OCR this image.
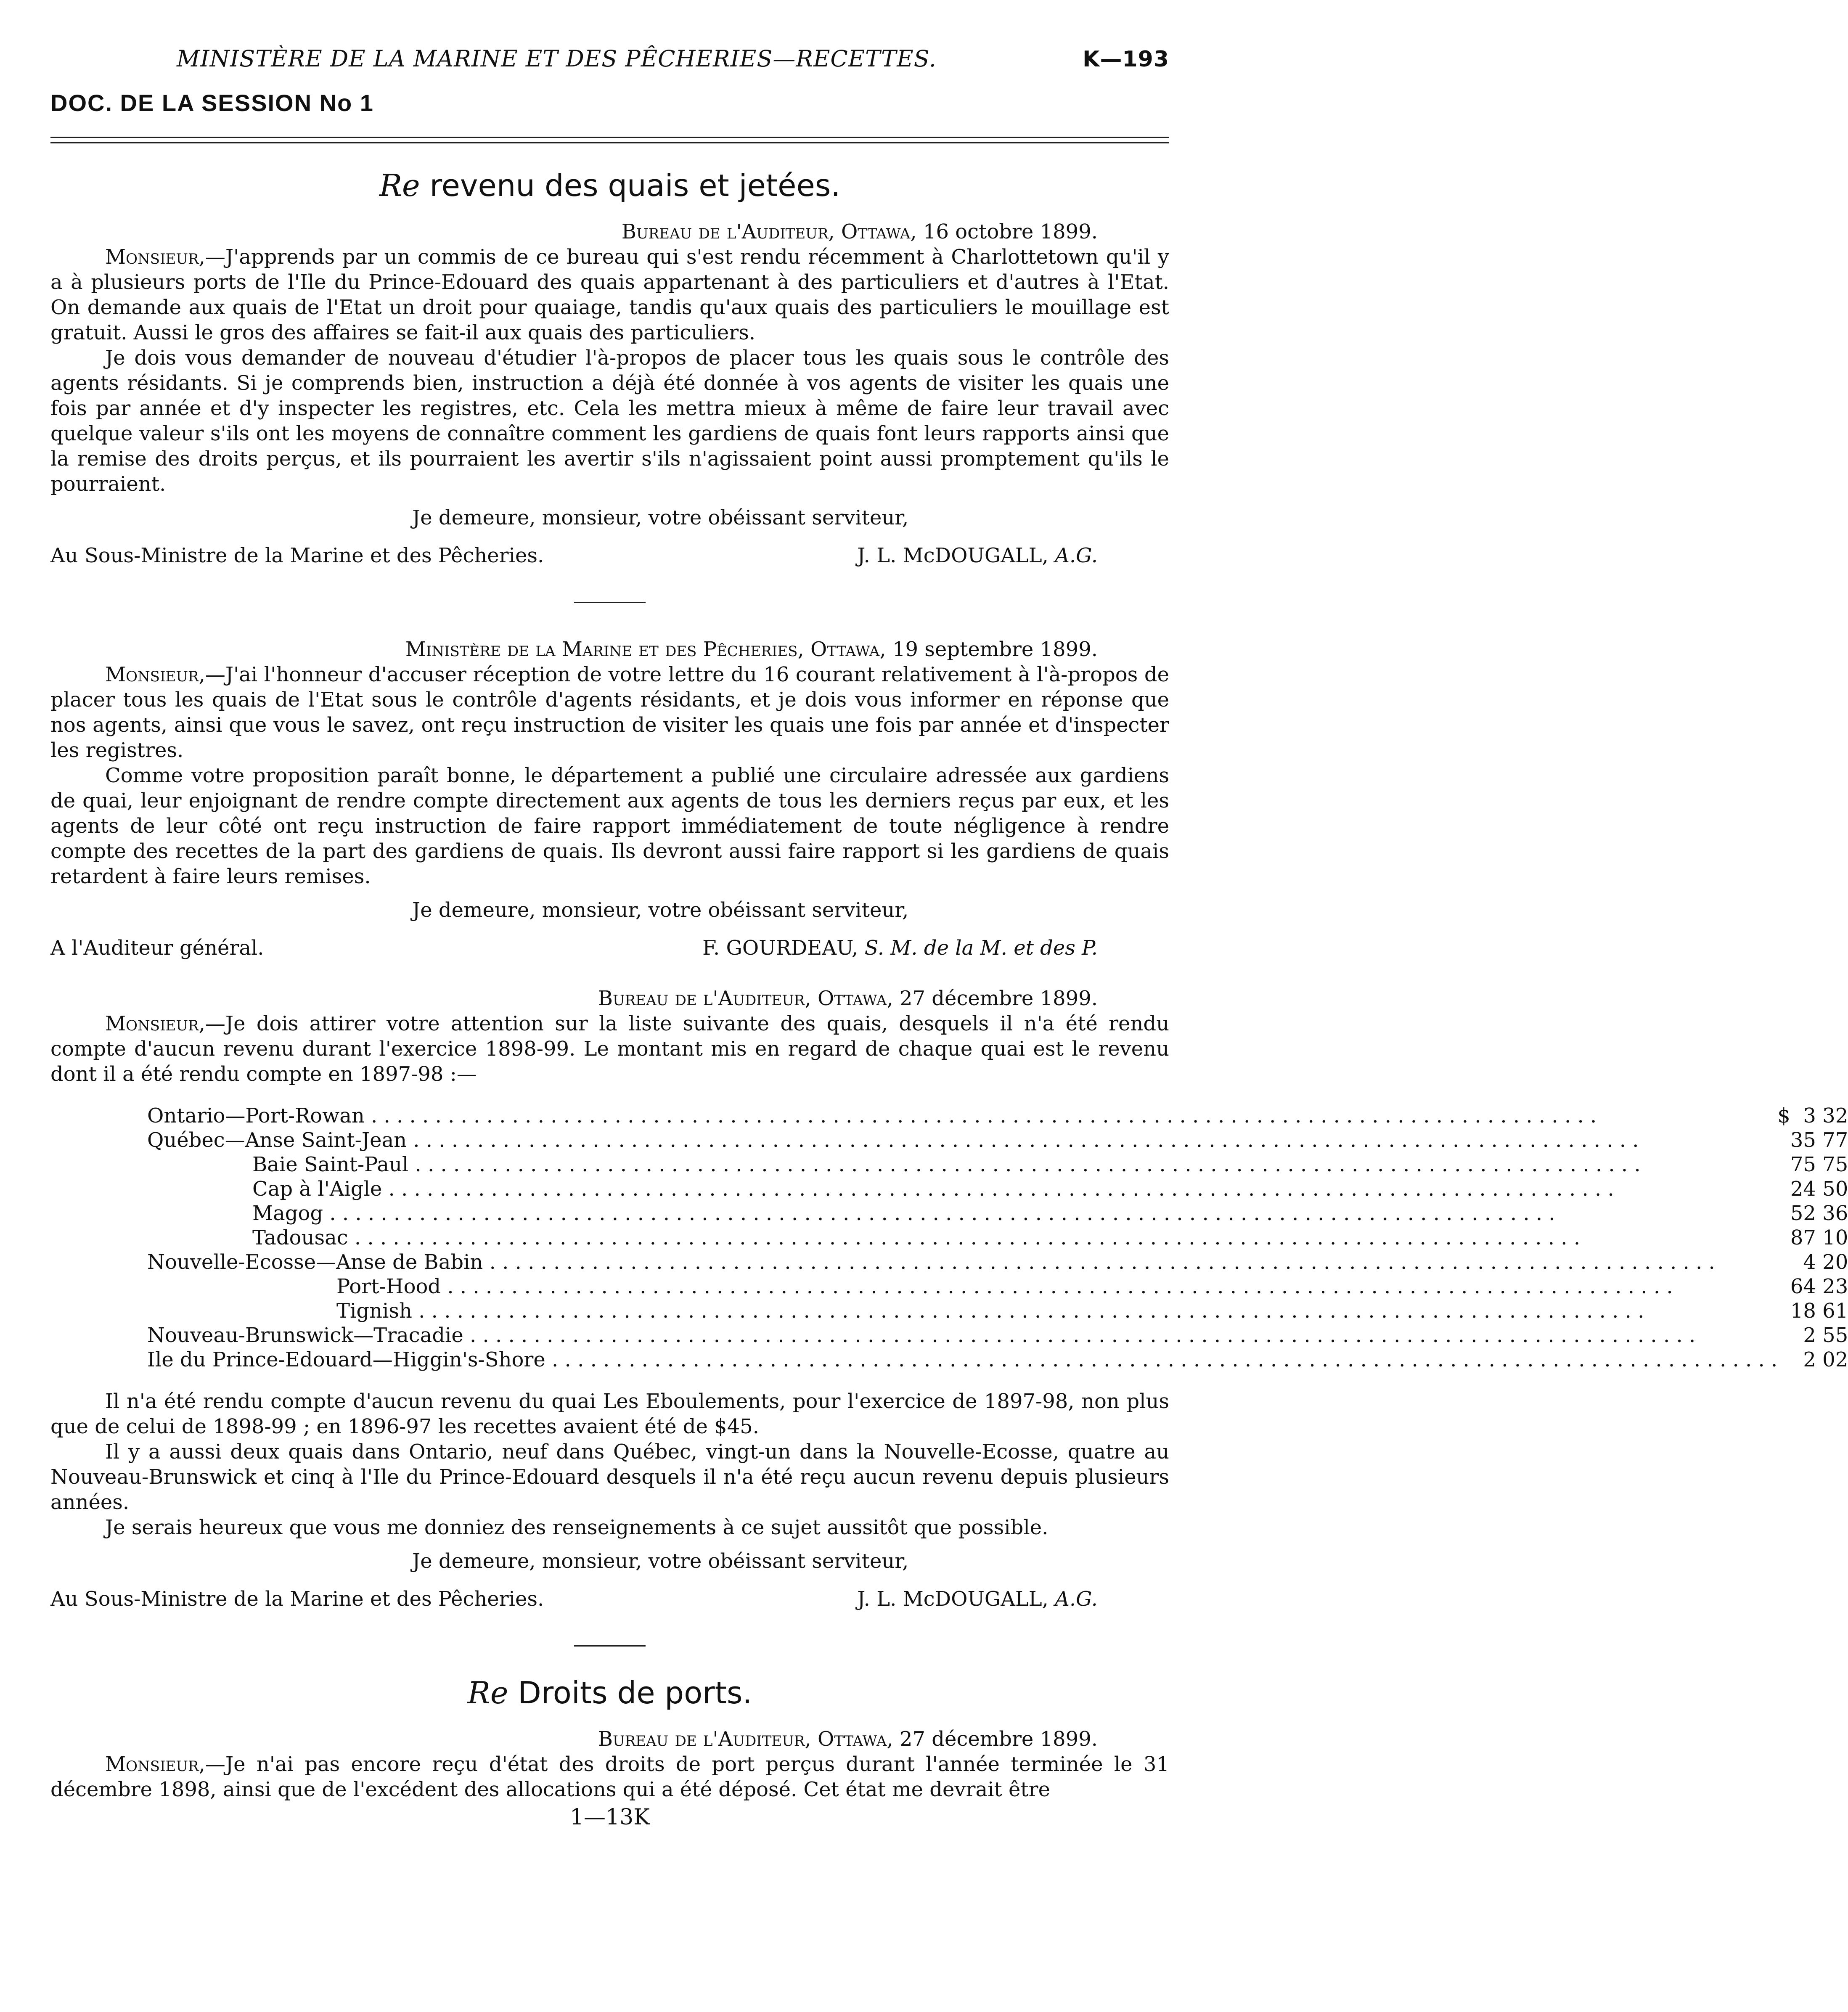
MINISTÈRE DE LA MARINE ET DES PÊCHERIES—RECETTES.	K—193
DOC. DE LA SESSION No 1
Re revenu des quais et jetées.
Bureau de l'Auditeur, Ottawa, 16 octobre 1899.

Monsieur,—J'apprends par un commis de ce bureau qui s'est rendu récemment à Charlottetown qu'il y a à plusieurs ports de l'Ile du Prince-Edouard des quais appartenant à des particuliers et d'autres à l'Etat. On demande aux quais de l'Etat un droit pour quaiage, tandis qu'aux quais des particuliers le mouillage est gratuit. Aussi le gros des affaires se fait-il aux quais des particuliers.

Je dois vous demander de nouveau d'étudier l'à-propos de placer tous les quais sous le contrôle des agents résidants. Si je comprends bien, instruction a déjà été donnée à vos agents de visiter les quais une fois par année et d'y inspecter les registres, etc. Cela les mettra mieux à même de faire leur travail avec quelque valeur s'ils ont les moyens de connaître comment les gardiens de quais font leurs rapports ainsi que la remise des droits perçus, et ils pourraient les avertir s'ils n'agissaient point aussi promptement qu'ils le pourraient.

Je demeure, monsieur, votre obéissant serviteur,
Au Sous-Ministre de la Marine et des Pêcheries.	J. L. McDOUGALL, A.G.
Ministère de la Marine et des Pêcheries, Ottawa, 19 septembre 1899.

Monsieur,—J'ai l'honneur d'accuser réception de votre lettre du 16 courant relativement à l'à-propos de placer tous les quais de l'Etat sous le contrôle d'agents résidants, et je dois vous informer en réponse que nos agents, ainsi que vous le savez, ont reçu instruction de visiter les quais une fois par année et d'inspecter les registres.

Comme votre proposition paraît bonne, le département a publié une circulaire adressée aux gardiens de quai, leur enjoignant de rendre compte directement aux agents de tous les derniers reçus par eux, et les agents de leur côté ont reçu instruction de faire rapport immédiatement de toute négligence à rendre compte des recettes de la part des gardiens de quais. Ils devront aussi faire rapport si les gardiens de quais retardent à faire leurs remises.

Je demeure, monsieur, votre obéissant serviteur,
A l'Auditeur général.	F. GOURDEAU, S. M. de la M. et des P.
Bureau de l'Auditeur, Ottawa, 27 décembre 1899.

Monsieur,—Je dois attirer votre attention sur la liste suivante des quais, desquels il n'a été rendu compte d'aucun revenu durant l'exercice 1898-99. Le montant mis en regard de chaque quai est le revenu dont il a été rendu compte en 1897-98 :—

Ontario—Port-Rowan . . .	$	3 32
Québec—Anse Saint-Jean . . .		35 77
Baie Saint-Paul . . .		75 75
Cap à l'Aigle . . .		24 50
Magog . . .		52 36
Tadousac . . .		87 10
Nouvelle-Ecosse—Anse de Babin . . .		4 20
Port-Hood . . .		64 23
Tignish . . .		18 61
Nouveau-Brunswick—Tracadie . . .		2 55
Ile du Prince-Edouard—Higgin's-Shore . . .		2 02

Il n'a été rendu compte d'aucun revenu du quai Les Eboulements, pour l'exercice de 1897-98, non plus que de celui de 1898-99 ; en 1896-97 les recettes avaient été de $45.

Il y a aussi deux quais dans Ontario, neuf dans Québec, vingt-un dans la Nouvelle-Ecosse, quatre au Nouveau-Brunswick et cinq à l'Ile du Prince-Edouard desquels il n'a été reçu aucun revenu depuis plusieurs années.

Je serais heureux que vous me donniez des renseignements à ce sujet aussitôt que possible.

Je demeure, monsieur, votre obéissant serviteur,
Au Sous-Ministre de la Marine et des Pêcheries.	J. L. McDOUGALL, A.G.
Re Droits de ports.
Bureau de l'Auditeur, Ottawa, 27 décembre 1899.

Monsieur,—Je n'ai pas encore reçu d'état des droits de port perçus durant l'année terminée le 31 décembre 1898, ainsi que de l'excédent des allocations qui a été déposé. Cet état me devrait être

1—13K
